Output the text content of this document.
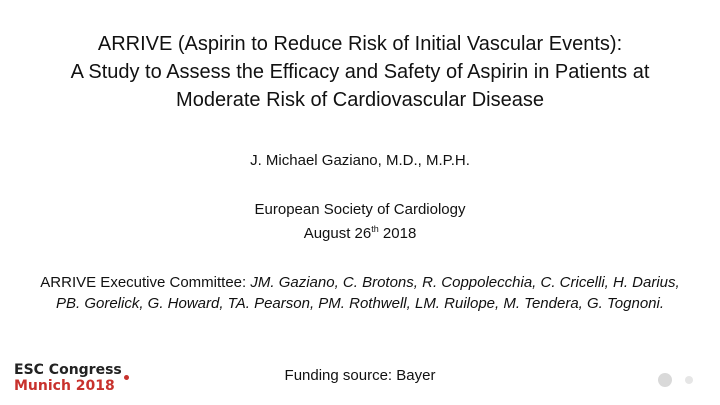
ARRIVE (Aspirin to Reduce Risk of Initial Vascular Events):
A Study to Assess the Efficacy and Safety of Aspirin in Patients at
Moderate Risk of Cardiovascular Disease
J. Michael Gaziano, M.D., M.P.H.
European Society of Cardiology
August 26th 2018
ARRIVE Executive Committee: JM. Gaziano, C. Brotons, R. Coppolecchia, C. Cricelli, H. Darius, PB. Gorelick, G. Howard, TA. Pearson, PM. Rothwell, LM. Ruilope, M. Tendera, G. Tognoni.
Funding source: Bayer
ESC Congress
Munich 2018
